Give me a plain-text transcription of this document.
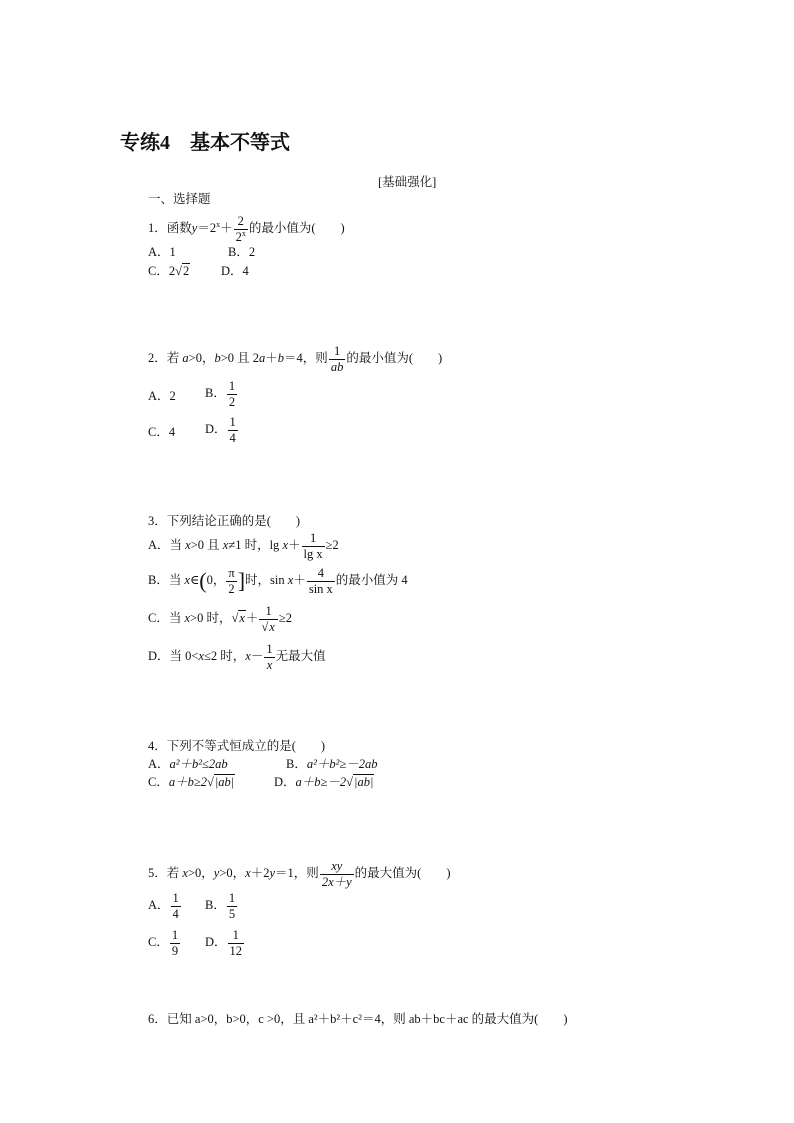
专练4　基本不等式
[基础强化]
一、选择题
1．函数$y=2^x+ \frac{2}{2^x}$ 的最小值为(　　)
A．1	B．2
C．2√2	D．4
2．若 a>0，b>0 且 2a＋b＝4，则 $\frac{1}{ab}$ 的最小值为(　　)
A．2 B． $\frac{1}{2}$
C．4 D． $\frac{1}{4}$
3．下列结论正确的是(　　)
A．当 x>0 且 x≠1 时，$\lg x+ \frac{1}{\text{lg x}} \ge 2$
B．当 x∈(0， $\frac{\pi}{2}$ ]时，$\sin x+ \frac{4}{\text{sin x}}$ 的最小值为 4
C．当 x>0 时，$√x+ \frac{1}{√x} \ge 2$
D．当 0<x≤2 时，$x- \frac{1}{x}$ 无最大值
4．下列不等式恒成立的是(　　)
A．a²＋b²≤2ab	B．a²＋b²≥－2ab
C．a＋b≥2√|ab|	D．a＋b≥－2√|ab|
5．若 x>0，y>0，x＋2y＝1，则 $\frac{xy}{2x+y}$ 的最大值为(　　)
A． $\frac{1}{4}$ B． $\frac{1}{5}$
C． $\frac{1}{9}$ D． $\frac{1}{12}$
6．已知 a>0，b>0，c >0，且 a²＋b²＋c²＝4，则 ab＋bc＋ac 的最大值为(　　)
